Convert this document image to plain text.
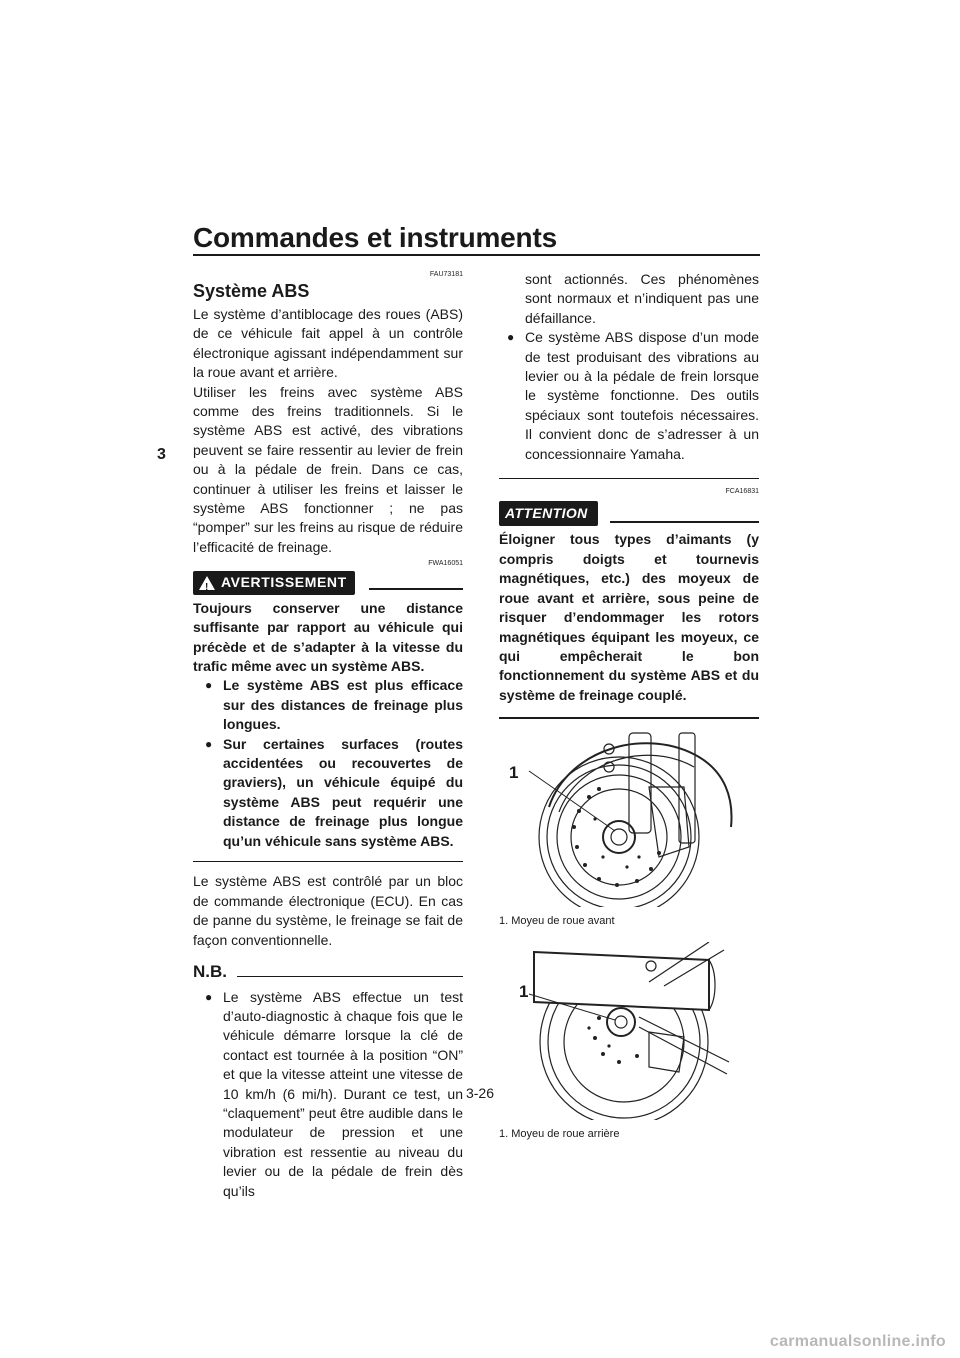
Commandes et instruments
3
FAU73181
Système ABS

Le système d’antiblocage des roues (ABS) de ce véhicule fait appel à un contrôle électronique agissant indépendamment sur la roue avant et arrière.

Utiliser les freins avec système ABS comme des freins traditionnels. Si le système ABS est activé, des vibrations peuvent se faire ressentir au levier de frein ou à la pédale de frein. Dans ce cas, continuer à utiliser les freins et laisser le système ABS fonctionner ; ne pas “pomper” sur les freins au risque de réduire l’efficacité de freinage.

FWA16051
! AVERTISSEMENT

Toujours conserver une distance suffisante par rapport au véhicule qui précède et de s’adapter à la vitesse du trafic même avec un système ABS.

● Le système ABS est plus efficace sur des distances de freinage plus longues.
● Sur certaines surfaces (routes accidentées ou recouvertes de graviers), un véhicule équipé du système ABS peut requérir une distance de freinage plus longue qu’un véhicule sans système ABS.

Le système ABS est contrôlé par un bloc de commande électronique (ECU). En cas de panne du système, le freinage se fait de façon conventionnelle.

N.B.
● Le système ABS effectue un test d’auto-diagnostic à chaque fois que le véhicule démarre lorsque la clé de contact est tournée à la position “ON” et que la vitesse atteint une vitesse de 10 km/h (6 mi/h). Durant ce test, un “claquement” peut être audible dans le modulateur de pression et une vibration est ressentie au niveau du levier ou de la pédale de frein dès qu’ils
sont actionnés. Ces phénomènes sont normaux et n’indiquent pas une défaillance.
● Ce système ABS dispose d’un mode de test produisant des vibrations au levier ou à la pédale de frein lorsque le système fonctionne. Des outils spéciaux sont toutefois nécessaires. Il convient donc de s’adresser à un concessionnaire Yamaha.
FCA16831
ATTENTION

Éloigner tous types d’aimants (y compris doigts et tournevis magnétiques, etc.) des moyeux de roue avant et arrière, sous peine de risquer d’endommager les rotors magnétiques équipant les moyeux, ce qui empêcherait le bon fonctionnement du système ABS et du système de freinage couplé.

1
1. Moyeu de roue avant
1
1. Moyeu de roue arrière
3-26
carmanualsonline.info
